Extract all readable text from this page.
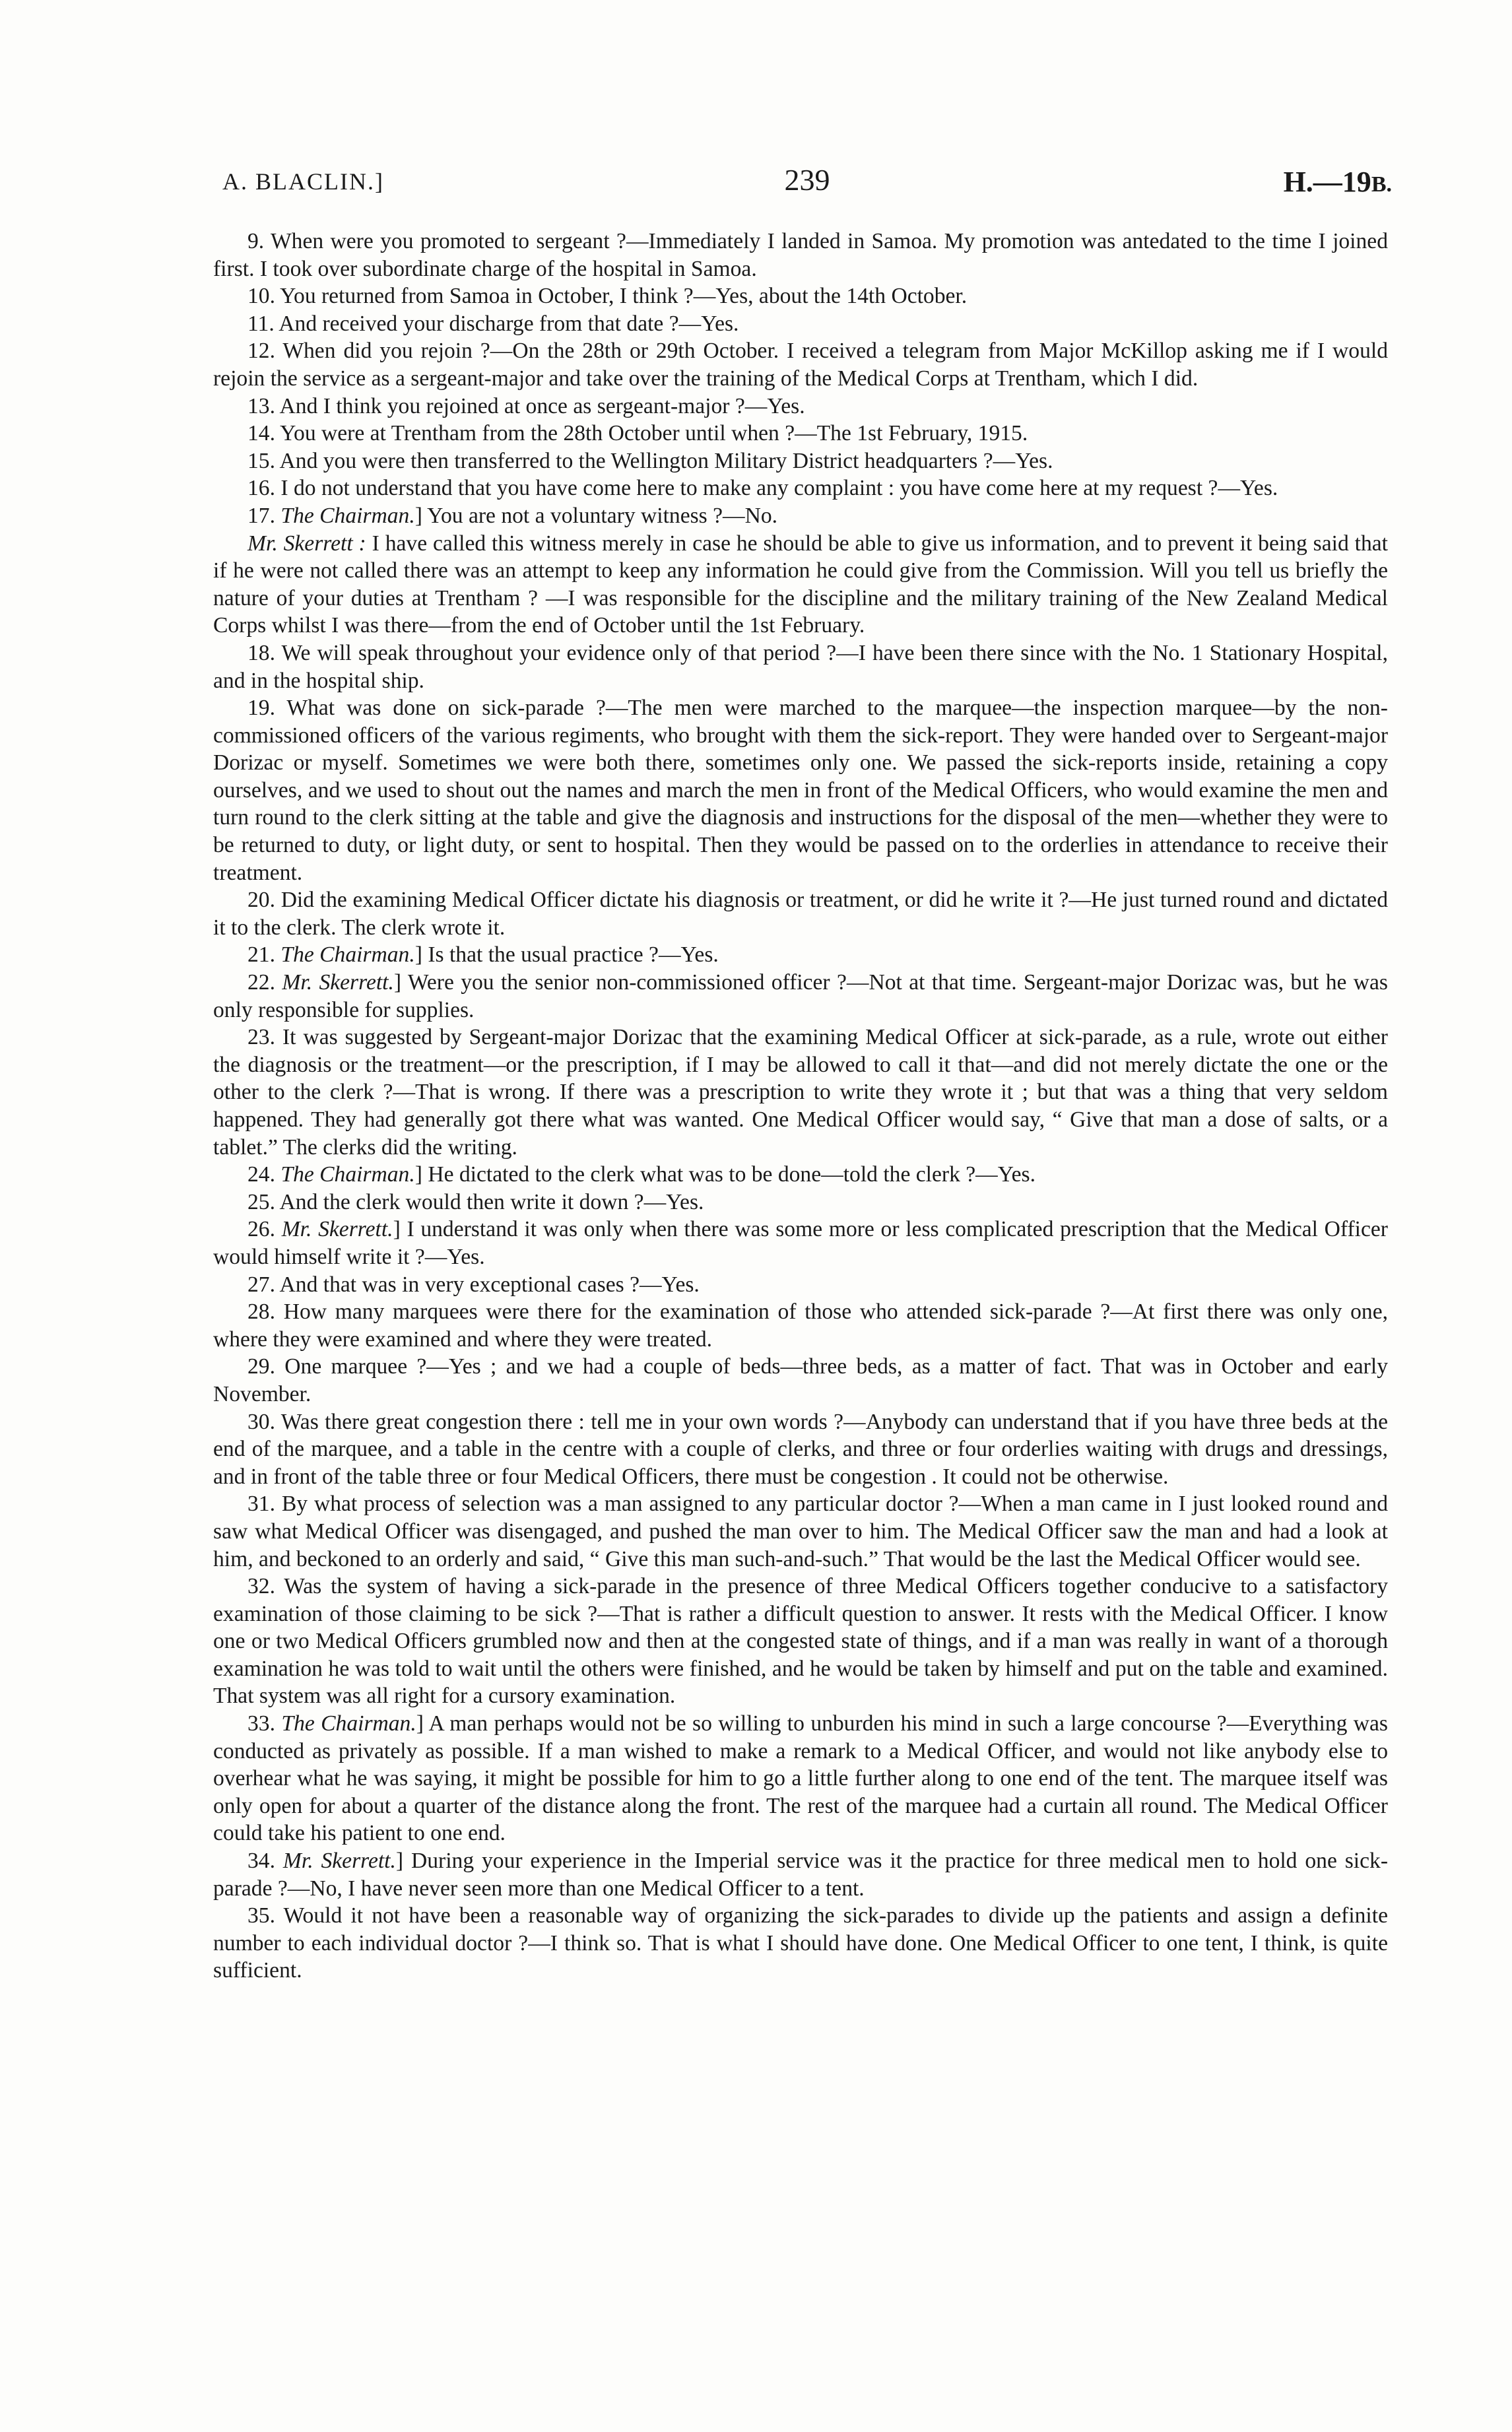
A. BLACLIN.]	239	H.—19B.

9. When were you promoted to sergeant ?—Immediately I landed in Samoa. My promotion was antedated to the time I joined first. I took over subordinate charge of the hospital in Samoa.

10. You returned from Samoa in October, I think ?—Yes, about the 14th October.

11. And received your discharge from that date ?—Yes.

12. When did you rejoin ?—On the 28th or 29th October. I received a telegram from Major McKillop asking me if I would rejoin the service as a sergeant-major and take over the training of the Medical Corps at Trentham, which I did.

13. And I think you rejoined at once as sergeant-major ?—Yes.

14. You were at Trentham from the 28th October until when ?—The 1st February, 1915.

15. And you were then transferred to the Wellington Military District headquarters ?—Yes.

16. I do not understand that you have come here to make any complaint : you have come here at my request ?—Yes.

17. The Chairman.] You are not a voluntary witness ?—No.

Mr. Skerrett : I have called this witness merely in case he should be able to give us information, and to prevent it being said that if he were not called there was an attempt to keep any information he could give from the Commission. Will you tell us briefly the nature of your duties at Trentham ? —I was responsible for the discipline and the military training of the New Zealand Medical Corps whilst I was there—from the end of October until the 1st February.

18. We will speak throughout your evidence only of that period ?—I have been there since with the No. 1 Stationary Hospital, and in the hospital ship.

19. What was done on sick-parade ?—The men were marched to the marquee—the inspection marquee—by the non-commissioned officers of the various regiments, who brought with them the sick-report. They were handed over to Sergeant-major Dorizac or myself. Sometimes we were both there, sometimes only one. We passed the sick-reports inside, retaining a copy ourselves, and we used to shout out the names and march the men in front of the Medical Officers, who would examine the men and turn round to the clerk sitting at the table and give the diagnosis and instructions for the disposal of the men—whether they were to be returned to duty, or light duty, or sent to hospital. Then they would be passed on to the orderlies in attendance to receive their treatment.

20. Did the examining Medical Officer dictate his diagnosis or treatment, or did he write it ?—He just turned round and dictated it to the clerk. The clerk wrote it.

21. The Chairman.] Is that the usual practice ?—Yes.

22. Mr. Skerrett.] Were you the senior non-commissioned officer ?—Not at that time. Sergeant-major Dorizac was, but he was only responsible for supplies.

23. It was suggested by Sergeant-major Dorizac that the examining Medical Officer at sick-parade, as a rule, wrote out either the diagnosis or the treatment—or the prescription, if I may be allowed to call it that—and did not merely dictate the one or the other to the clerk ?—That is wrong. If there was a prescription to write they wrote it ; but that was a thing that very seldom happened. They had generally got there what was wanted. One Medical Officer would say, “ Give that man a dose of salts, or a tablet.” The clerks did the writing.

24. The Chairman.] He dictated to the clerk what was to be done—told the clerk ?—Yes.

25. And the clerk would then write it down ?—Yes.

26. Mr. Skerrett.] I understand it was only when there was some more or less complicated prescription that the Medical Officer would himself write it ?—Yes.

27. And that was in very exceptional cases ?—Yes.

28. How many marquees were there for the examination of those who attended sick-parade ?—At first there was only one, where they were examined and where they were treated.

29. One marquee ?—Yes ; and we had a couple of beds—three beds, as a matter of fact. That was in October and early November.

30. Was there great congestion there : tell me in your own words ?—Anybody can understand that if you have three beds at the end of the marquee, and a table in the centre with a couple of clerks, and three or four orderlies waiting with drugs and dressings, and in front of the table three or four Medical Officers, there must be congestion . It could not be otherwise.

31. By what process of selection was a man assigned to any particular doctor ?—When a man came in I just looked round and saw what Medical Officer was disengaged, and pushed the man over to him. The Medical Officer saw the man and had a look at him, and beckoned to an orderly and said, “ Give this man such-and-such.” That would be the last the Medical Officer would see.

32. Was the system of having a sick-parade in the presence of three Medical Officers together conducive to a satisfactory examination of those claiming to be sick ?—That is rather a difficult question to answer. It rests with the Medical Officer. I know one or two Medical Officers grumbled now and then at the congested state of things, and if a man was really in want of a thorough examination he was told to wait until the others were finished, and he would be taken by himself and put on the table and examined. That system was all right for a cursory examination.

33. The Chairman.] A man perhaps would not be so willing to unburden his mind in such a large concourse ?—Everything was conducted as privately as possible. If a man wished to make a remark to a Medical Officer, and would not like anybody else to overhear what he was saying, it might be possible for him to go a little further along to one end of the tent. The marquee itself was only open for about a quarter of the distance along the front. The rest of the marquee had a curtain all round. The Medical Officer could take his patient to one end.

34. Mr. Skerrett.] During your experience in the Imperial service was it the practice for three medical men to hold one sick-parade ?—No, I have never seen more than one Medical Officer to a tent.

35. Would it not have been a reasonable way of organizing the sick-parades to divide up the patients and assign a definite number to each individual doctor ?—I think so. That is what I should have done. One Medical Officer to one tent, I think, is quite sufficient.
